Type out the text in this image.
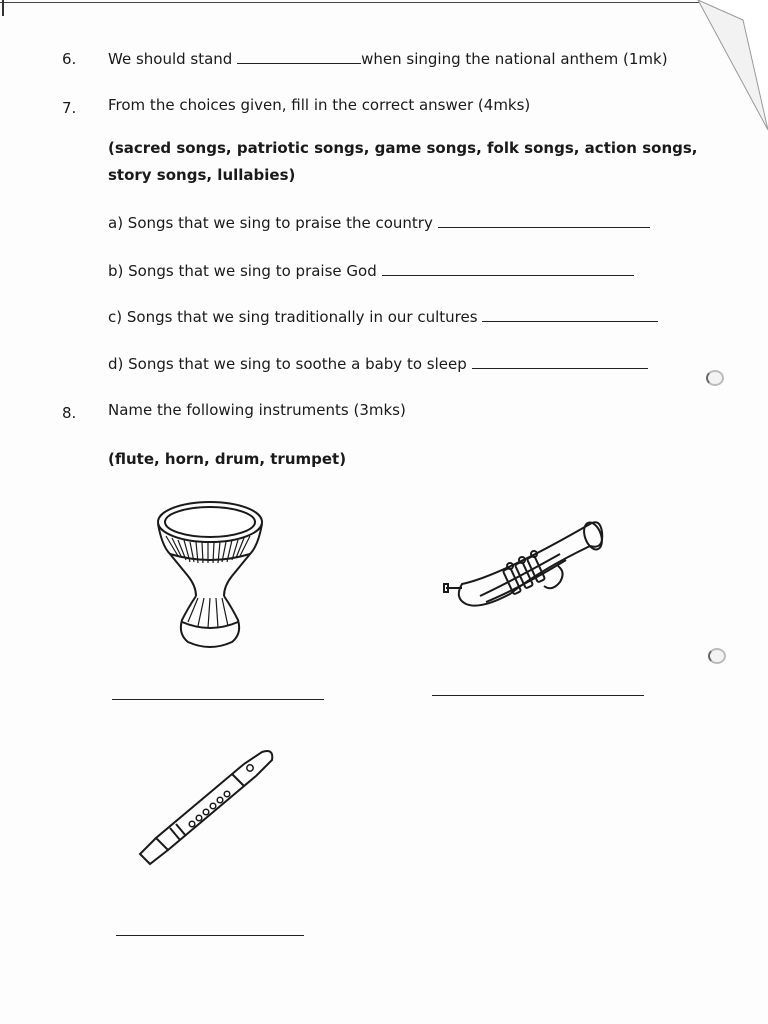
6. We should stand	when singing the national anthem (1mk)
7. From the choices given, fill in the correct answer (4mks)
(sacred songs, patriotic songs, game songs, folk songs, action songs,
story songs, lullabies)
a) Songs that we sing to praise the country
b) Songs that we sing to praise God
c) Songs that we sing traditionally in our cultures
d) Songs that we sing to soothe a baby to sleep
8. Name the following instruments (3mks)
(flute, horn, drum, trumpet)
